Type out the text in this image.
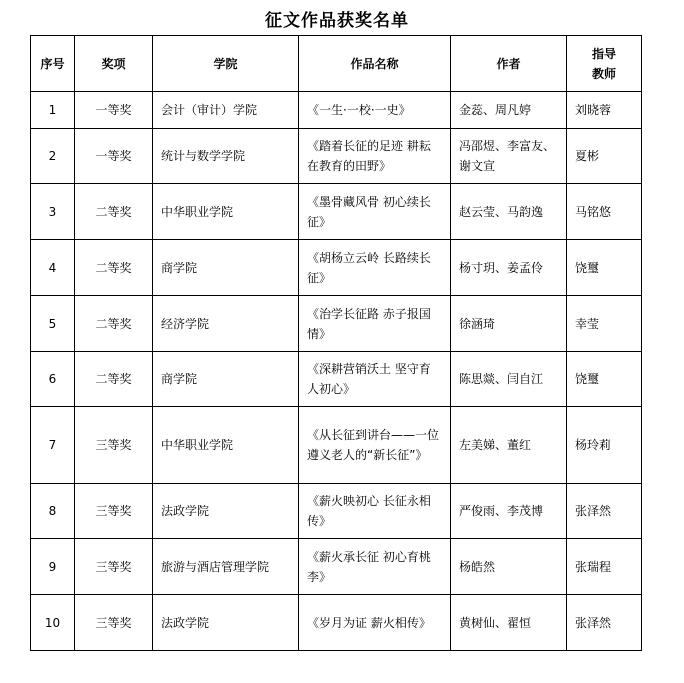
征文作品获奖名单
序号	奖项	学院	作品名称	作者	指导
教师
1	一等奖	会计（审计）学院	《一生·一校·一史》	金蕊、周凡婷	刘晓蓉
2	一等奖	统计与数学学院	《踏着长征的足迹 耕耘在教育的田野》	冯邵煜、李富友、谢文宣	夏彬
3	二等奖	中华职业学院	《墨骨藏风骨 初心续长征》	赵云莹、马韵逸	马铭悠
4	二等奖	商学院	《胡杨立云岭 长路续长征》	杨寸玥、姜孟伶	饶璽
5	二等奖	经济学院	《治学长征路 赤子报国情》	徐涵琦	幸莹
6	二等奖	商学院	《深耕营销沃土 坚守育人初心》	陈思燚、闫自江	饶璽
7	三等奖	中华职业学院	《从长征到讲台——一位遵义老人的“新长征”》	左美娣、董红	杨玲莉
8	三等奖	法政学院	《薪火映初心 长征永相传》	严俊雨、李茂博	张泽然
9	三等奖	旅游与酒店管理学院	《薪火承长征 初心育桃李》	杨皓然	张瑞程
10	三等奖	法政学院	《岁月为证 薪火相传》	黄树仙、翟恒	张泽然
